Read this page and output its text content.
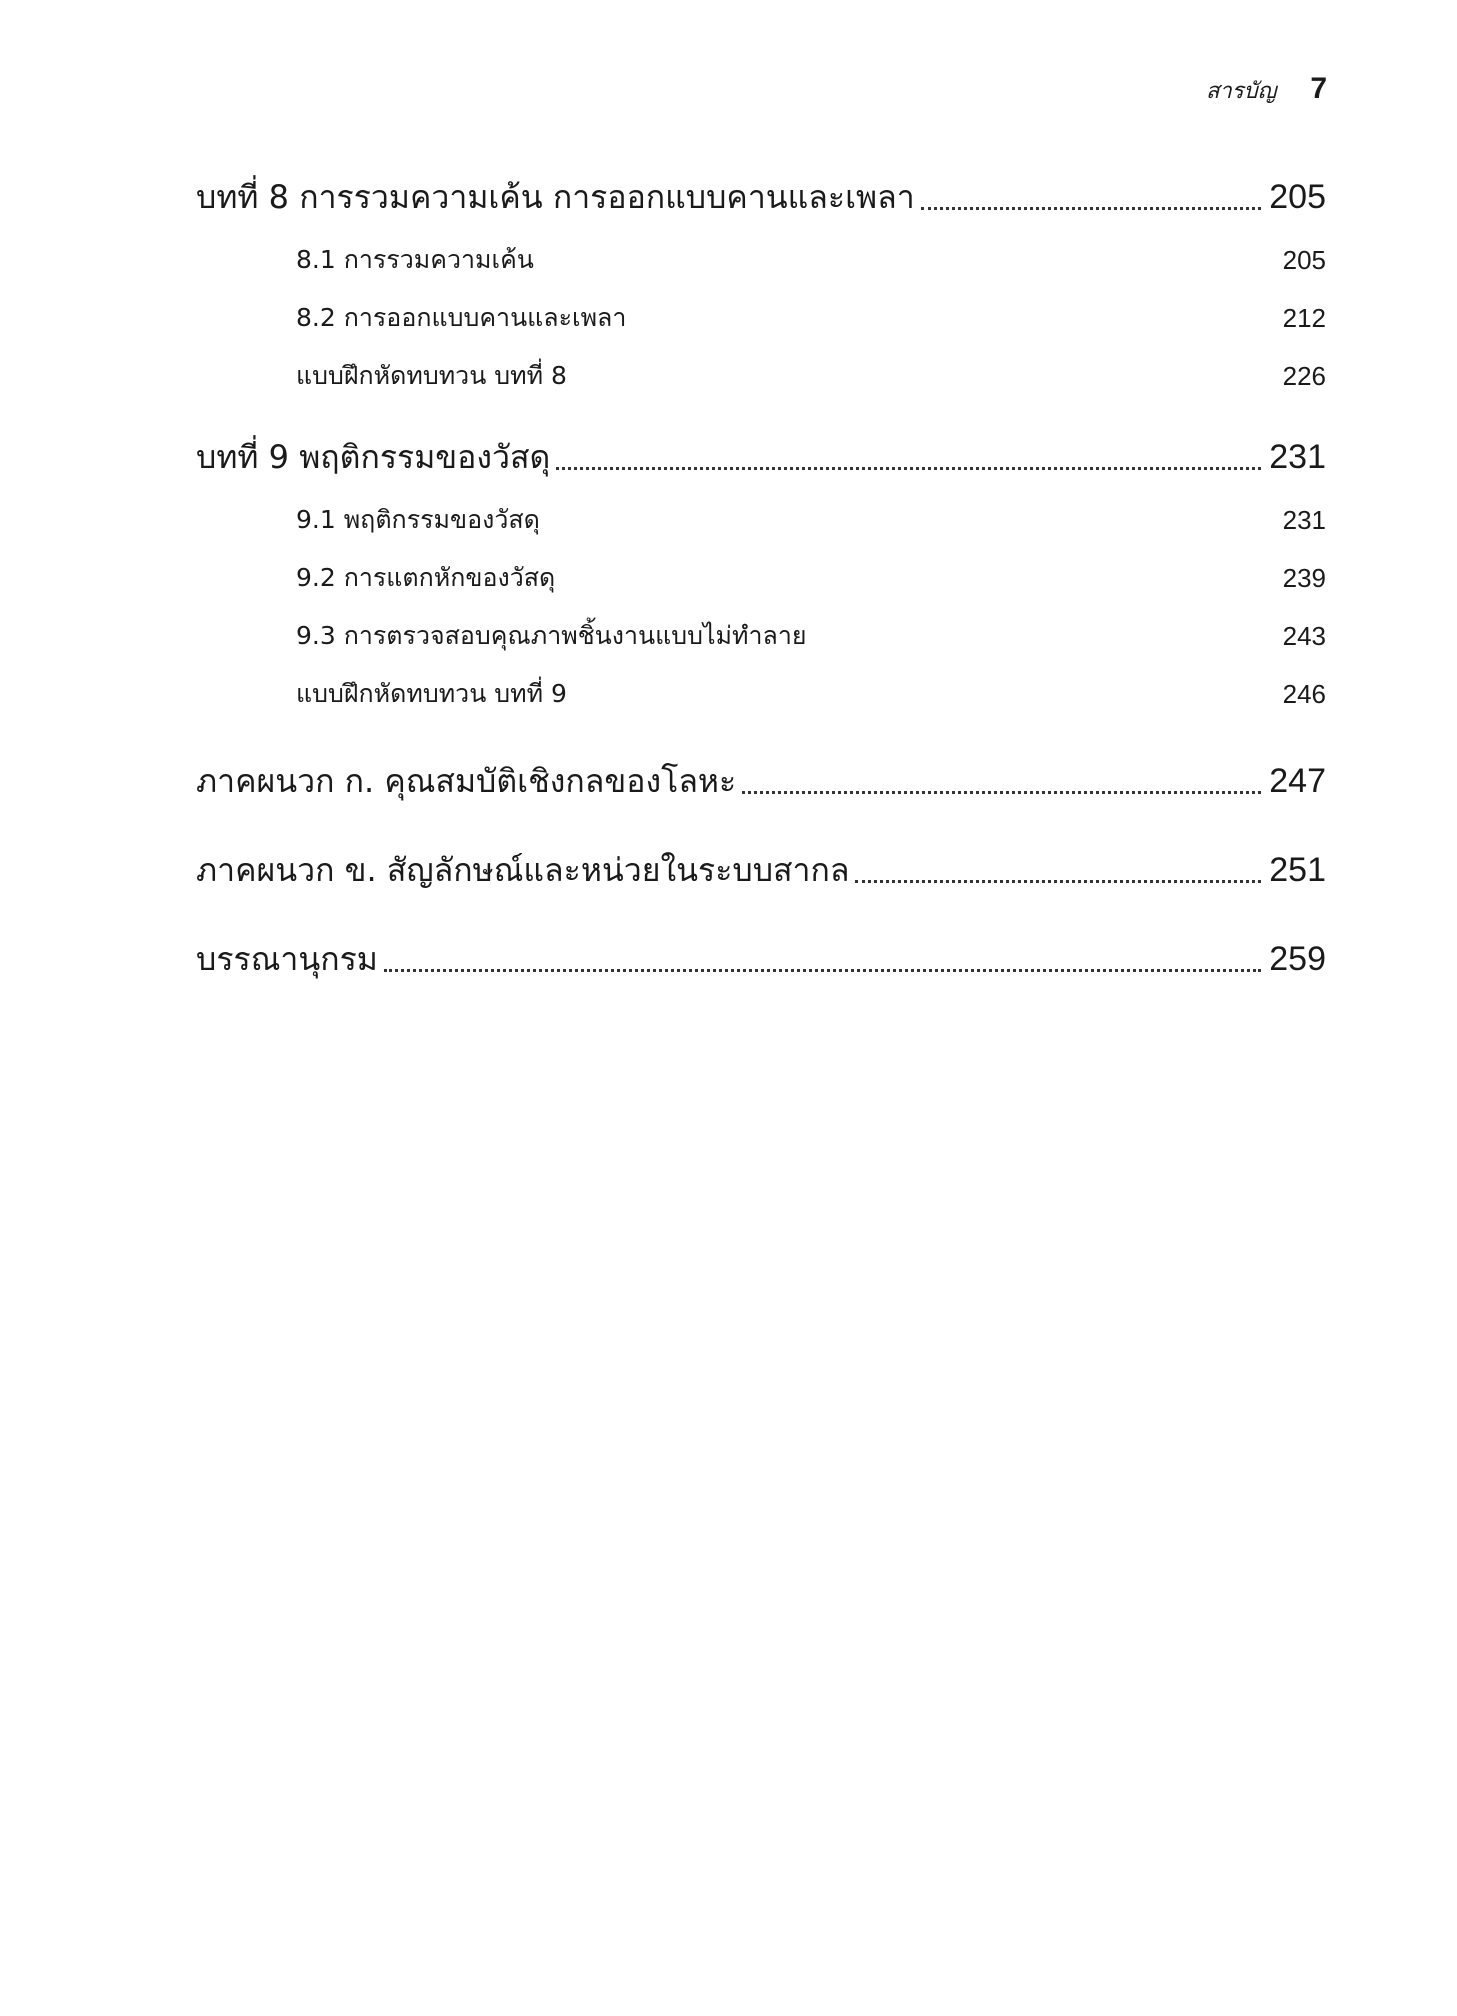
สารบัญ 7
บทที่ 8 การรวมความเค้น การออกแบบคานและเพลา	205
8.1 การรวมความเค้น	205
8.2 การออกแบบคานและเพลา	212
แบบฝึกหัดทบทวน บทที่ 8	226
บทที่ 9 พฤติกรรมของวัสดุ	231
9.1 พฤติกรรมของวัสดุ	231
9.2 การแตกหักของวัสดุ	239
9.3 การตรวจสอบคุณภาพชิ้นงานแบบไม่ทำลาย	243
แบบฝึกหัดทบทวน บทที่ 9	246
ภาคผนวก ก. คุณสมบัติเชิงกลของโลหะ	247
ภาคผนวก ข. สัญลักษณ์และหน่วยในระบบสากล	251
บรรณานุกรม	259
